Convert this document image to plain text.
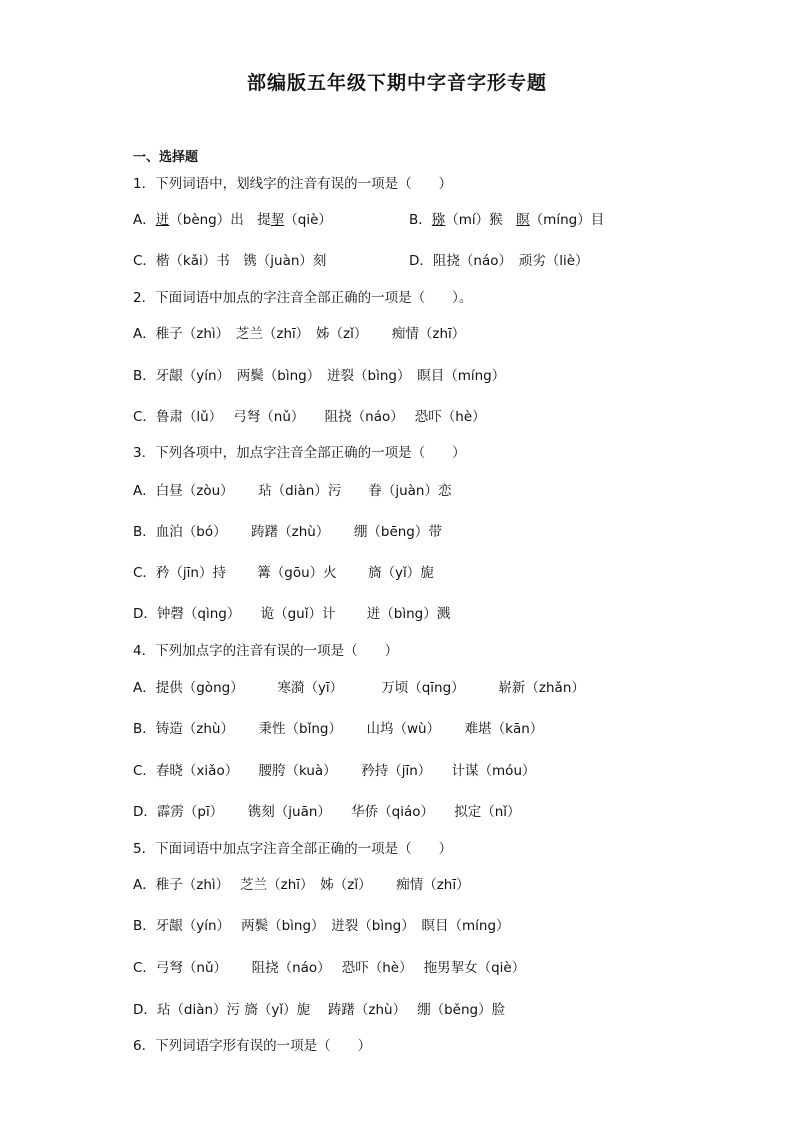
部编版五年级下期中字音字形专题
一、选择题
1．下列词语中，划线字的注音有误的一项是（　　）
A．迸（bèng）出　提挈（qiè）	B．猕（mí）猴　瞑（míng）目
C．楷（kǎi）书　镌（juàn）刻	D．阻挠（náo）　顽劣（liè）
2．下面词语中加点的字注音全部正确的一项是（　　）。
A．稚子（zhì）　芝兰（zhī）　姊（zǐ）　　 痴情（zhī）
B．牙龈（yín）　两鬓（bìng）　迸裂（bìng）　瞑目（míng）
C．鲁肃（lǔ）　 弓弩（nǔ）　　阻挠（náo）　 恐吓（hè）
3．下列各项中，加点字注音全部正确的一项是（　　）
A．白昼（zòu）　　 玷（diàn）污　　眷（juàn）恋
B．血泊（bó）　　 踌躇（zhù）　　 绷（bēng）带
C．矜（jīn）持　　 篝（gōu）火　　 旖（yǐ）旎
D．钟磬（qìng）　　诡（guǐ）计　　 迸（bìng）溅
4．下列加点字的注音有误的一项是（　　）
A．提供（gòng）　　　寒漪（yī）　　　 万顷（qīng）　　　崭新（zhǎn）
B．铸造（zhù）　　 秉性（bǐng）　　 山坞（wù）　　 难堪（kān）
C．春晓（xiǎo）　　腰胯（kuà）　　 矜持（jīn）　　计谋（móu）
D．霹雳（pī）　　 镌刻（juān）　　华侨（qiáo）　　拟定（nǐ）
5．下面词语中加点字注音全部正确的一项是（　　）
A．稚子（zhì）　 芝兰（zhī）　姊（zǐ）　　 痴情（zhī）
B．牙龈（yín）　 两鬓（bìng）　迸裂（bìng）　瞑目（míng）
C．弓弩（nǔ）　　 阻挠（náo）　 恐吓（hè）　 拖男挈女（qiè）
D．玷（diàn）污 旖（yǐ）旎　 踌躇（zhù）　 绷（běng）脸
6．下列词语字形有误的一项是（　　）
